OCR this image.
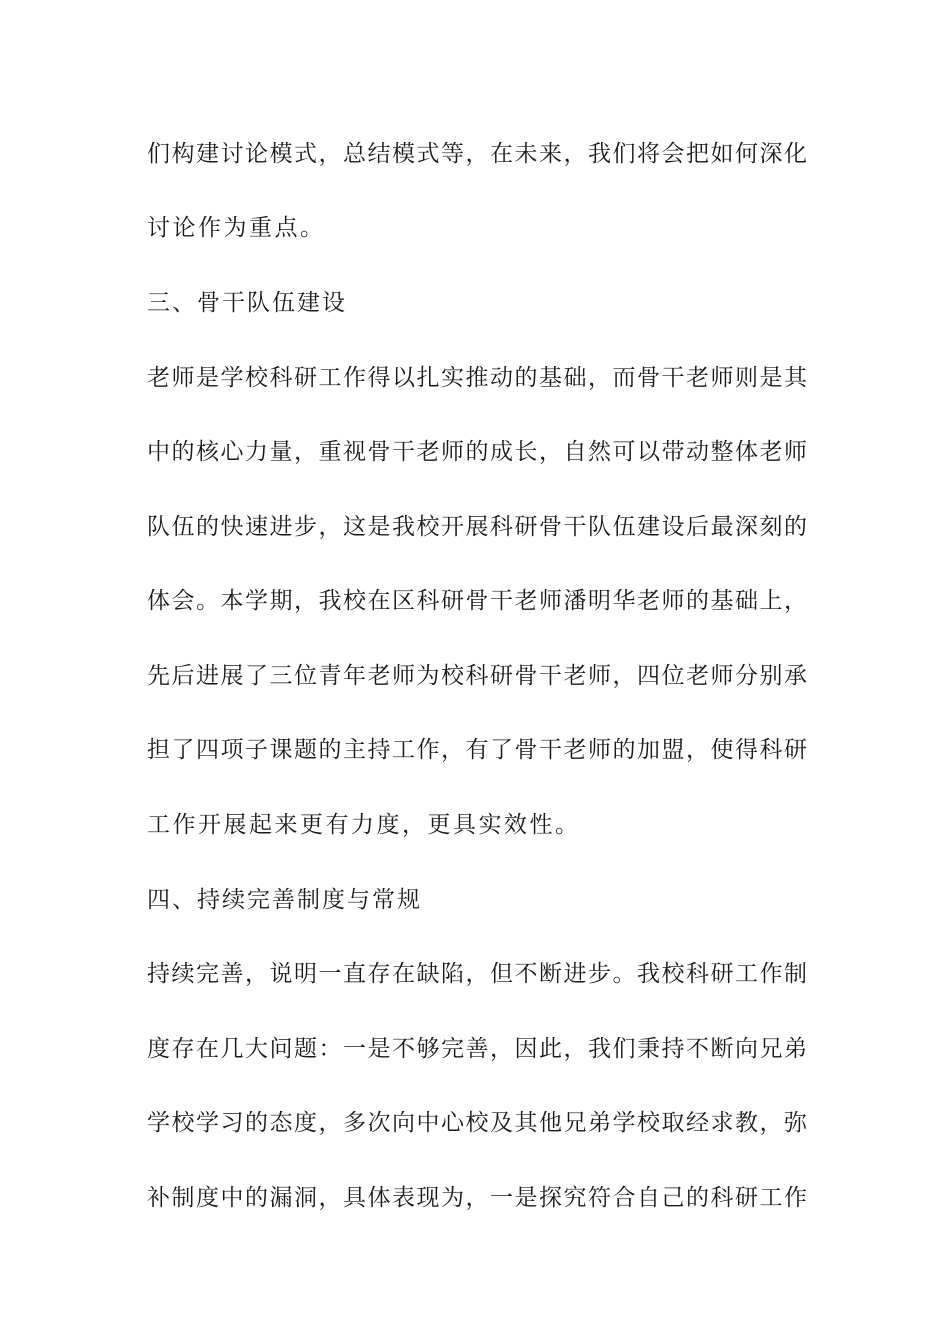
们构建讨论模式，总结模式等，在未来，我们将会把如何深化
讨论作为重点。
三、骨干队伍建设
老师是学校科研工作得以扎实推动的基础，而骨干老师则是其
中的核心力量，重视骨干老师的成长，自然可以带动整体老师
队伍的快速进步，这是我校开展科研骨干队伍建设后最深刻的
体会。本学期，我校在区科研骨干老师潘明华老师的基础上，
先后进展了三位青年老师为校科研骨干老师，四位老师分别承
担了四项子课题的主持工作，有了骨干老师的加盟，使得科研
工作开展起来更有力度，更具实效性。
四、持续完善制度与常规
持续完善，说明一直存在缺陷，但不断进步。我校科研工作制
度存在几大问题：一是不够完善，因此，我们秉持不断向兄弟
学校学习的态度，多次向中心校及其他兄弟学校取经求教，弥
补制度中的漏洞，具体表现为，一是探究符合自己的科研工作
